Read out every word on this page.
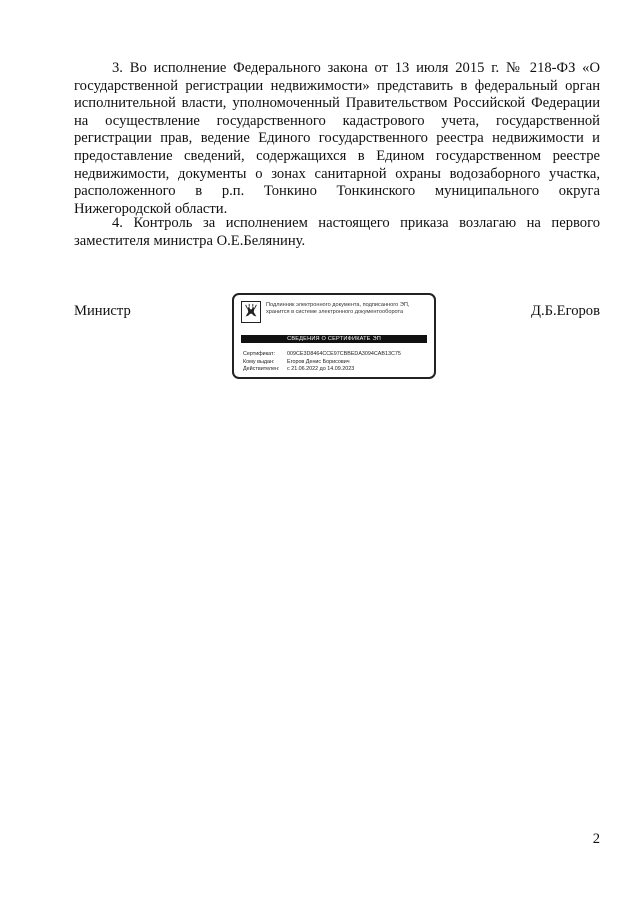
3. Во исполнение Федерального закона от 13 июля 2015 г. № 218-ФЗ «О государственной регистрации недвижимости» представить в федеральный орган исполнительной власти, уполномоченный Правительством Российской Федерации на осуществление государственного кадастрового учета, государственной регистрации прав, ведение Единого государственного реестра недвижимости и предоставление сведений, содержащихся в Едином государственном реестре недвижимости, документы о зонах санитарной охраны водозаборного участка, расположенного в р.п. Тонкино Тонкинского муниципального округа Нижегородской области.

4. Контроль за исполнением настоящего приказа возлагаю на первого заместителя министра О.Е.Белянину.

Министр	Подлинник электронного документа, подписанного ЭП, хранится в системе электронного документооборота
СВЕДЕНИЯ О СЕРТИФИКАТЕ ЭП
Сертификат: 009CE3D8464CCE97CBBEDA3094CAB13C75
Кому выдан: Егоров Денис Борисович
Действителен: с 21.06.2022 до 14.09.2023
Д.Б.Егоров
2
